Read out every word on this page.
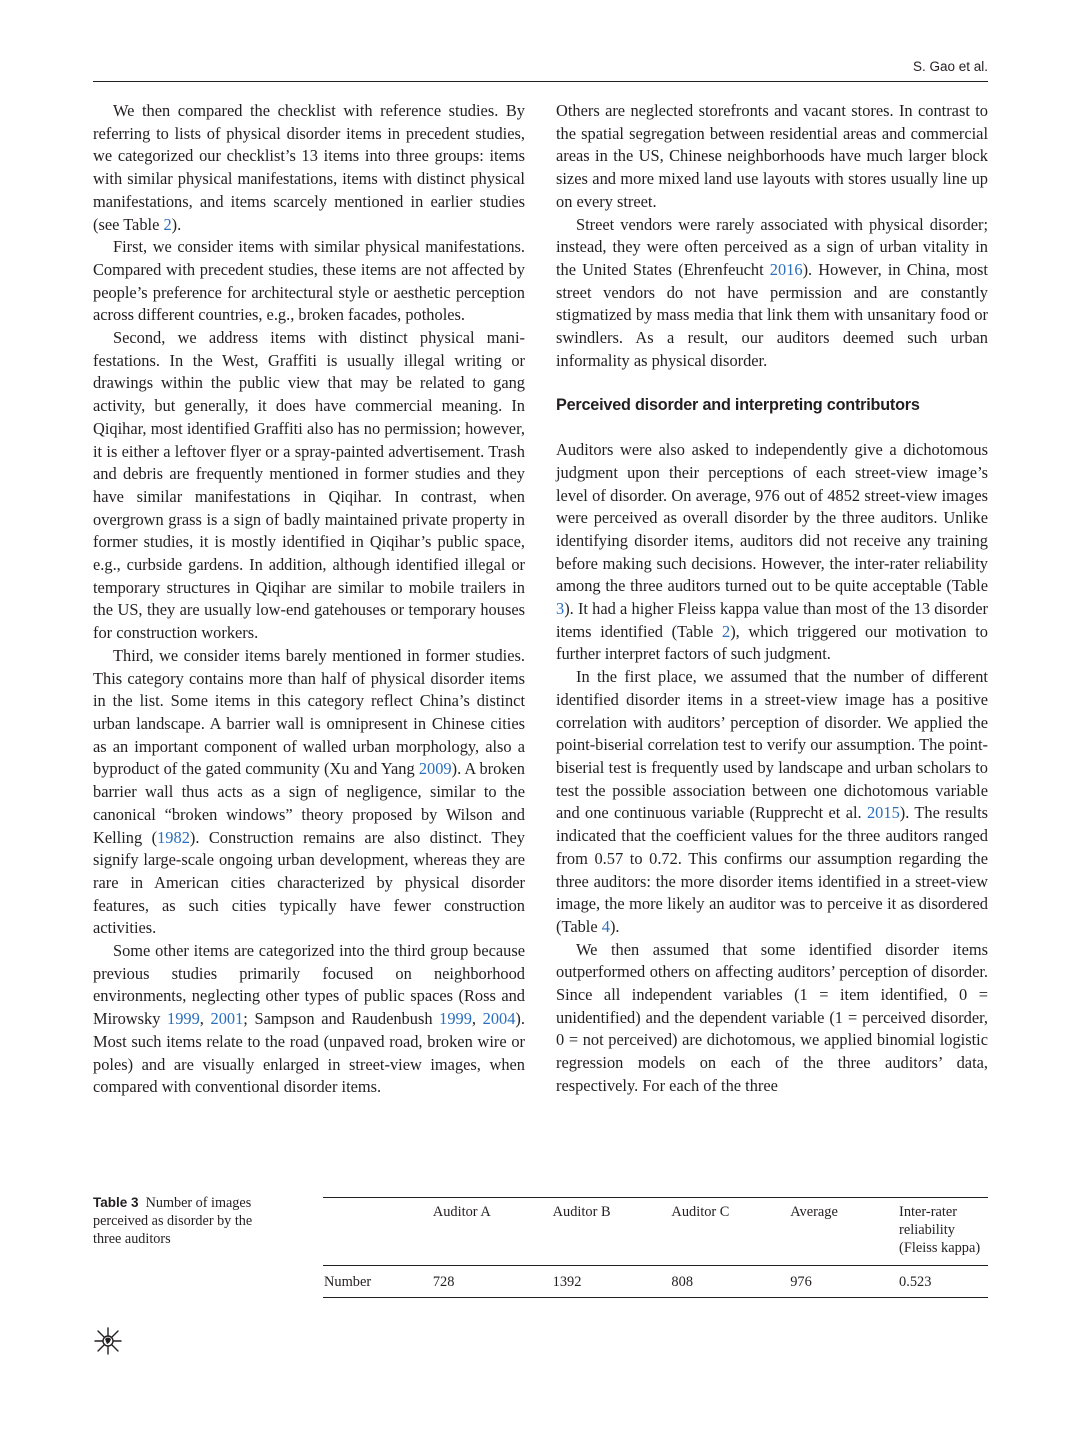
S. Gao et al.

We then compared the checklist with reference studies. By referring to lists of physical disorder items in precedent studies, we categorized our checklist’s 13 items into three groups: items with similar physical manifestations, items with distinct physical manifestations, and items scarcely mentioned in earlier studies (see Table 2).

First, we consider items with similar physical manifestations. Compared with precedent studies, these items are not affected by people’s preference for architectural style or aesthetic perception across different countries, e.g., broken facades, potholes.

Second, we address items with distinct physical manifestations. In the West, Graffiti is usually illegal writing or drawings within the public view that may be related to gang activity, but generally, it does have commercial meaning. In Qiqihar, most identified Graffiti also has no permission; however, it is either a leftover flyer or a spray-painted advertisement. Trash and debris are frequently mentioned in former studies and they have similar manifestations in Qiqihar. In contrast, when overgrown grass is a sign of badly maintained private property in former studies, it is mostly identified in Qiqihar’s public space, e.g., curbside gardens. In addition, although identified illegal or temporary structures in Qiqihar are similar to mobile trailers in the US, they are usually low-end gatehouses or temporary houses for construction workers.

Third, we consider items barely mentioned in former studies. This category contains more than half of physical disorder items in the list. Some items in this category reflect China’s distinct urban landscape. A barrier wall is omnipresent in Chinese cities as an important component of walled urban morphology, also a byproduct of the gated community (Xu and Yang 2009). A broken barrier wall thus acts as a sign of negligence, similar to the canonical “broken windows” theory proposed by Wilson and Kelling (1982). Construction remains are also distinct. They signify large-scale ongoing urban development, whereas they are rare in American cities characterized by physical disorder features, as such cities typically have fewer construction activities.

Some other items are categorized into the third group because previous studies primarily focused on neighborhood environments, neglecting other types of public spaces (Ross and Mirowsky 1999, 2001; Sampson and Raudenbush 1999, 2004). Most such items relate to the road (unpaved road, broken wire or poles) and are visually enlarged in street-view images, when compared with conventional disorder items.

Others are neglected storefronts and vacant stores. In contrast to the spatial segregation between residential areas and commercial areas in the US, Chinese neighborhoods have much larger block sizes and more mixed land use layouts with stores usually line up on every street.

Street vendors were rarely associated with physical disorder; instead, they were often perceived as a sign of urban vitality in the United States (Ehrenfeucht 2016). However, in China, most street vendors do not have permission and are constantly stigmatized by mass media that link them with unsanitary food or swindlers. As a result, our auditors deemed such urban informality as physical disorder.

Perceived disorder and interpreting contributors

Auditors were also asked to independently give a dichotomous judgment upon their perceptions of each street-view image’s level of disorder. On average, 976 out of 4852 street-view images were perceived as overall disorder by the three auditors. Unlike identifying disorder items, auditors did not receive any training before making such decisions. However, the inter-rater reliability among the three auditors turned out to be quite acceptable (Table 3). It had a higher Fleiss kappa value than most of the 13 disorder items identified (Table 2), which triggered our motivation to further interpret factors of such judgment.

In the first place, we assumed that the number of different identified disorder items in a street-view image has a positive correlation with auditors’ perception of disorder. We applied the point-biserial correlation test to verify our assumption. The point-biserial test is frequently used by landscape and urban scholars to test the possible association between one dichotomous variable and one continuous variable (Rupprecht et al. 2015). The results indicated that the coefficient values for the three auditors ranged from 0.57 to 0.72. This confirms our assumption regarding the three auditors: the more disorder items identified in a street-view image, the more likely an auditor was to perceive it as disordered (Table 4).

We then assumed that some identified disorder items outperformed others on affecting auditors’ perception of disorder. Since all independent variables (1 = item identified, 0 = unidentified) and the dependent variable (1 = perceived disorder, 0 = not perceived) are dichotomous, we applied binomial logistic regression models on each of the three auditors’ data, respectively. For each of the three

Table 3 Number of images perceived as disorder by the three auditors
	Auditor A	Auditor B	Auditor C	Average	Inter-rater reliability (Fleiss kappa)
Number	728	1392	808	976	0.523
